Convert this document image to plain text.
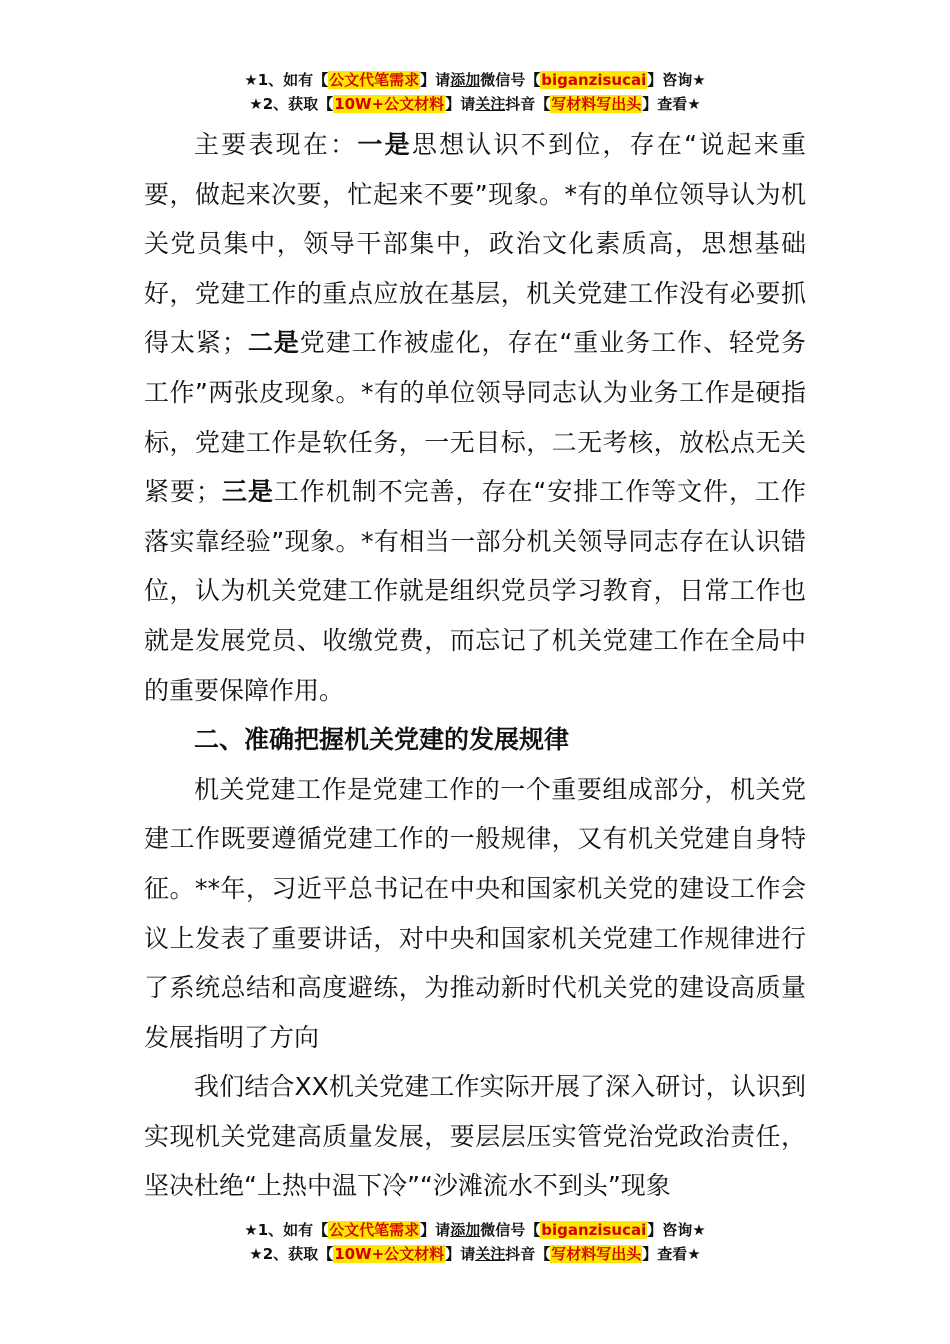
★1、如有【公文代笔需求】请添加微信号【biganzisucai】咨询★
★2、获取【10W+公文材料】请关注抖音【写材料写出头】查看★

主要表现在：一是思想认识不到位，存在“说起来重要，做起来次要，忙起来不要”现象。*有的单位领导认为机关党员集中，领导干部集中，政治文化素质高，思想基础好，党建工作的重点应放在基层，机关党建工作没有必要抓得太紧；二是党建工作被虚化，存在“重业务工作、轻党务工作”两张皮现象。*有的单位领导同志认为业务工作是硬指标，党建工作是软任务，一无目标，二无考核，放松点无关紧要；三是工作机制不完善，存在“安排工作等文件，工作落实靠经验”现象。*有相当一部分机关领导同志存在认识错位，认为机关党建工作就是组织党员学习教育，日常工作也就是发展党员、收缴党费，而忘记了机关党建工作在全局中的重要保障作用。

二、准确把握机关党建的发展规律

机关党建工作是党建工作的一个重要组成部分，机关党建工作既要遵循党建工作的一般规律，又有机关党建自身特征。**年，习近平总书记在中央和国家机关党的建设工作会议上发表了重要讲话，对中央和国家机关党建工作规律进行了系统总结和高度避练，为推动新时代机关党的建设高质量发展指明了方向

我们结合XX机关党建工作实际开展了深入研讨，认识到实现机关党建高质量发展，要层层压实管党治党政治责任，坚决杜绝“上热中温下冷”“沙滩流水不到头”现象

★1、如有【公文代笔需求】请添加微信号【biganzisucai】咨询★
★2、获取【10W+公文材料】请关注抖音【写材料写出头】查看★
